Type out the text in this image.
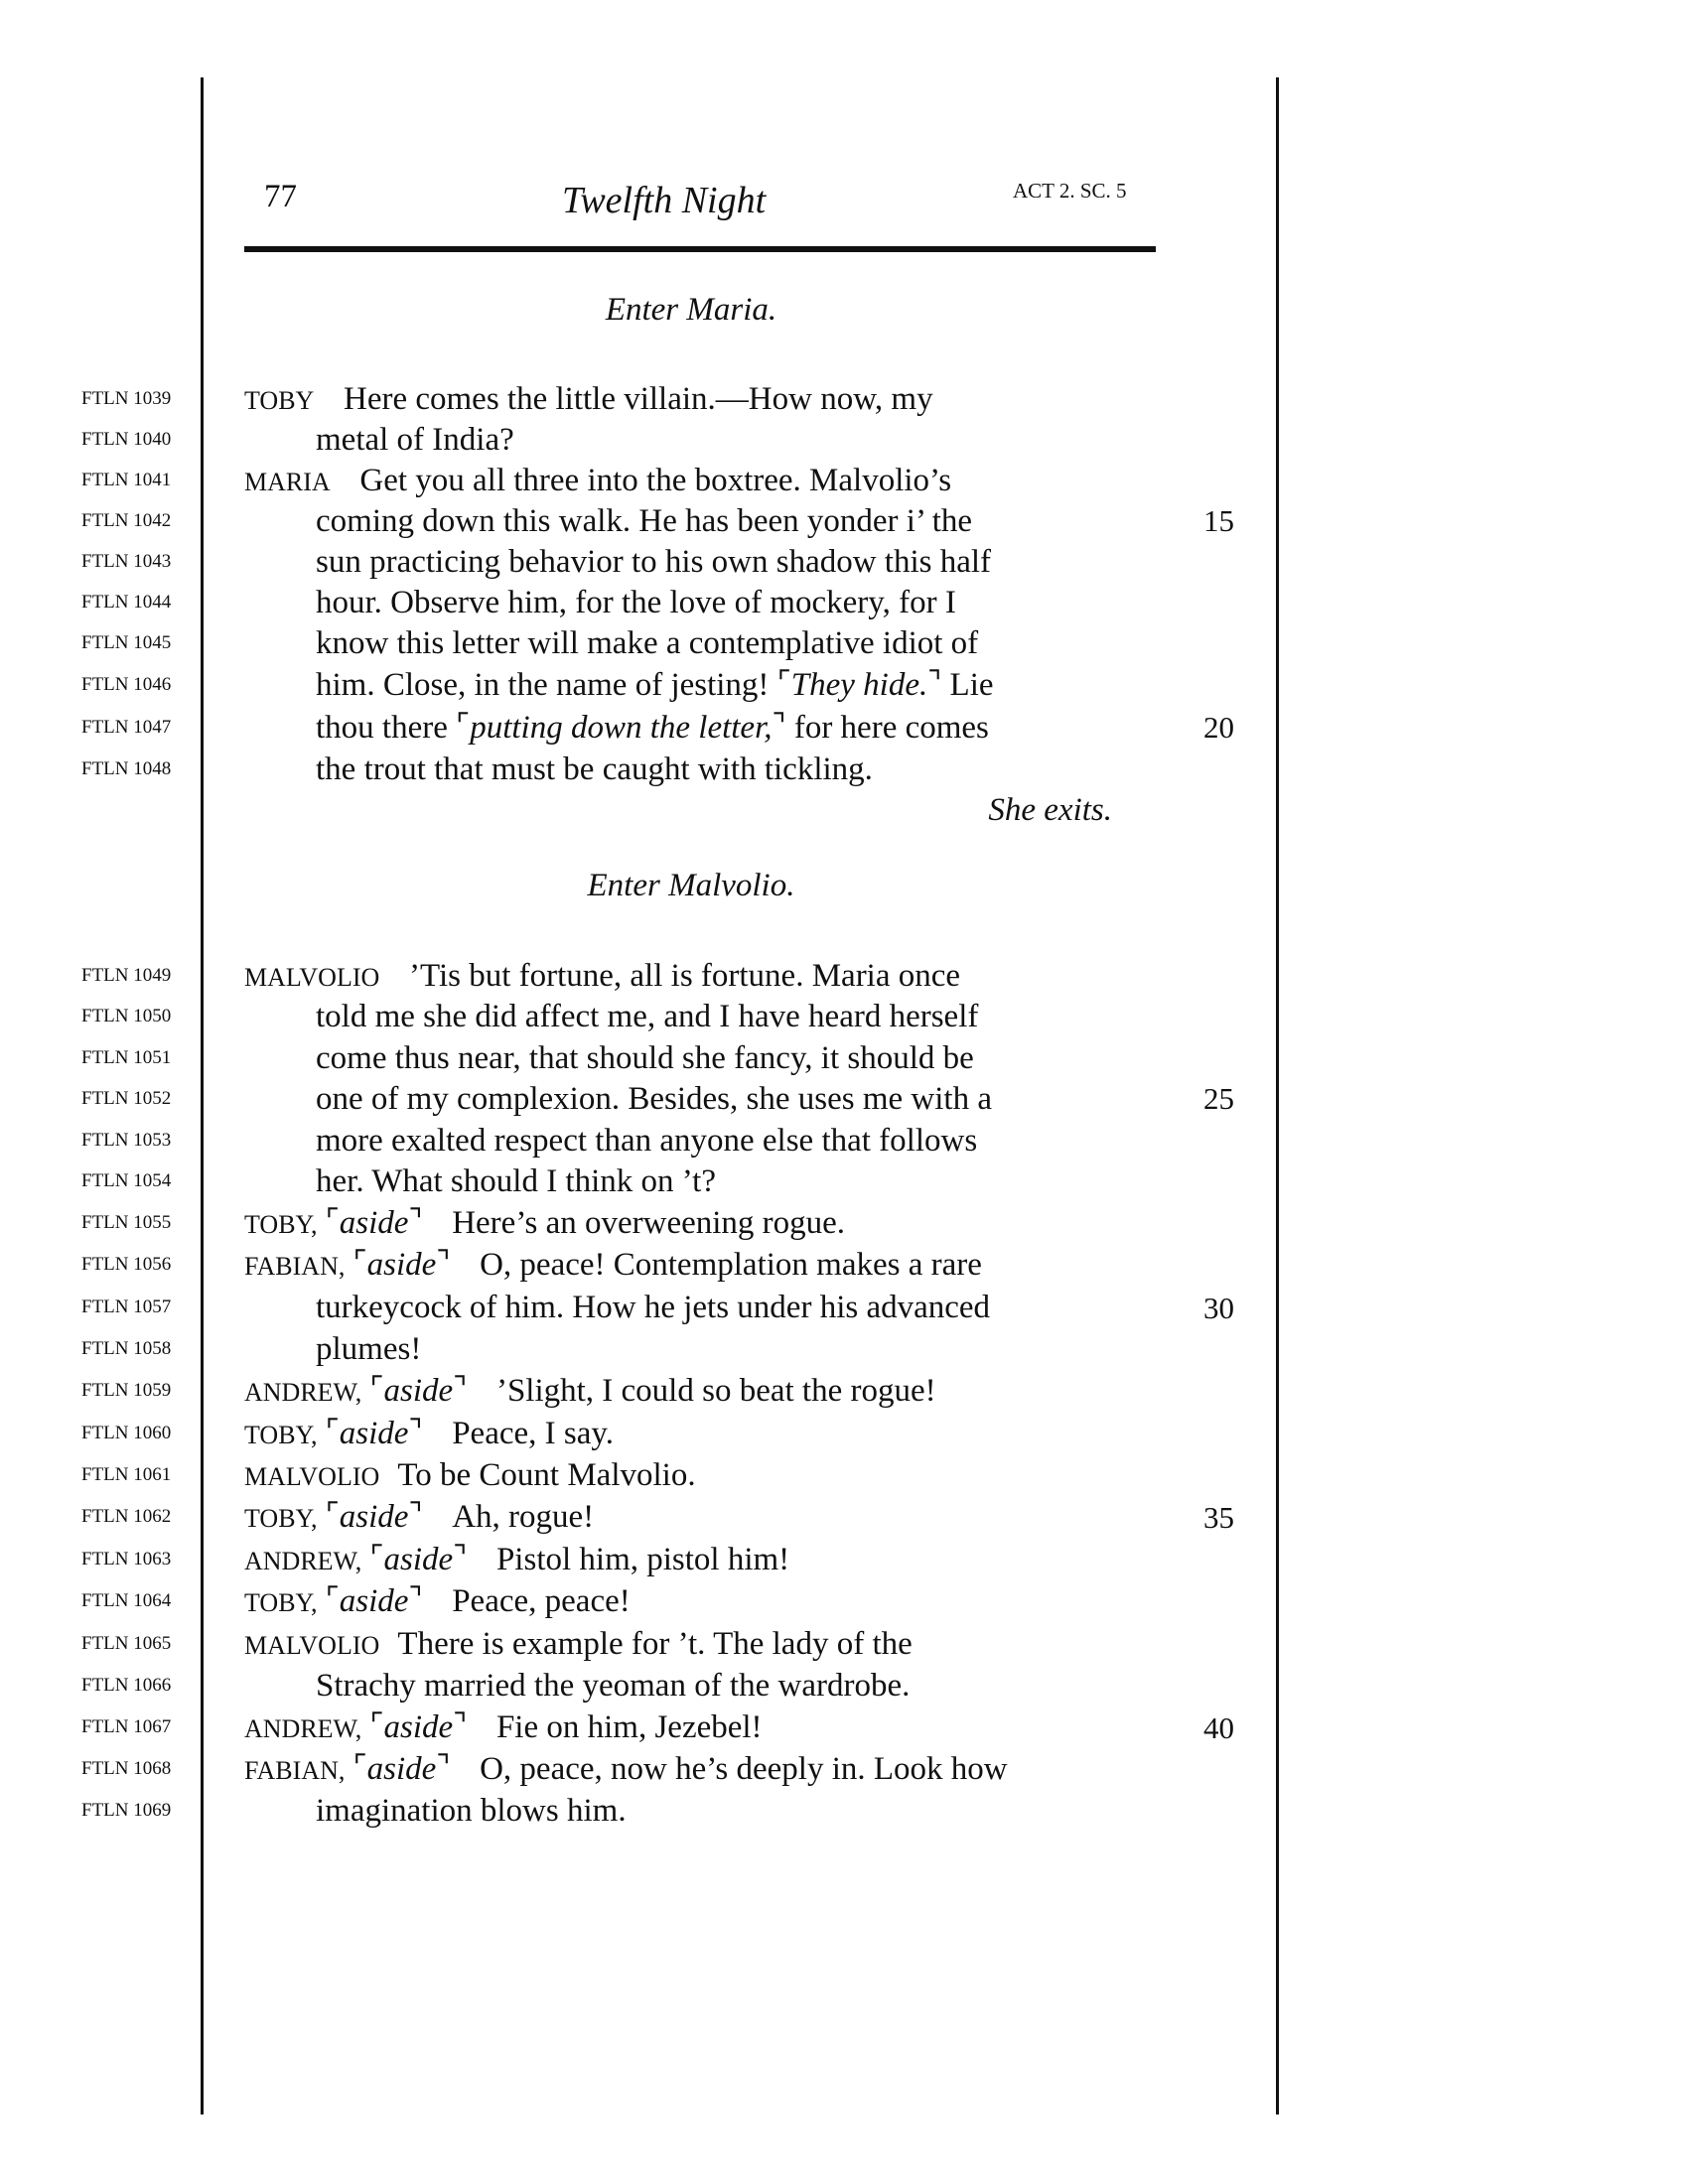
77	Twelfth Night	ACT 2. SC. 5
Enter Maria.
FTLN 1039
FTLN 1040
FTLN 1041
FTLN 1042
FTLN 1043
FTLN 1044
FTLN 1045
FTLN 1046
FTLN 1047
FTLN 1048
FTLN 1049
FTLN 1050
FTLN 1051
FTLN 1052
FTLN 1053
FTLN 1054
FTLN 1055
FTLN 1056
FTLN 1057
FTLN 1058
FTLN 1059
FTLN 1060
FTLN 1061
FTLN 1062
FTLN 1063
FTLN 1064
FTLN 1065
FTLN 1066
FTLN 1067
FTLN 1068
FTLN 1069
15
20
25
30
35
40
TOBY Here comes the little villain.—How now, my
metal of India?
MARIA Get you all three into the boxtree. Malvolio’s
coming down this walk. He has been yonder i’ the
sun practicing behavior to his own shadow this half
hour. Observe him, for the love of mockery, for I
know this letter will make a contemplative idiot of
him. Close, in the name of jesting! ⌜They hide.⌝ Lie
thou there ⌜putting down the letter,⌝ for here comes
the trout that must be caught with tickling.
She exits.
Enter Malvolio.
MALVOLIO ’Tis but fortune, all is fortune. Maria once
told me she did affect me, and I have heard herself
come thus near, that should she fancy, it should be
one of my complexion. Besides, she uses me with a
more exalted respect than anyone else that follows
her. What should I think on ’t?
TOBY, ⌜aside⌝ Here’s an overweening rogue.
FABIAN, ⌜aside⌝ O, peace! Contemplation makes a rare
turkeycock of him. How he jets under his advanced
plumes!
ANDREW, ⌜aside⌝ ’Slight, I could so beat the rogue!
TOBY, ⌜aside⌝ Peace, I say.
MALVOLIO To be Count Malvolio.
TOBY, ⌜aside⌝ Ah, rogue!
ANDREW, ⌜aside⌝ Pistol him, pistol him!
TOBY, ⌜aside⌝ Peace, peace!
MALVOLIO There is example for ’t. The lady of the
Strachy married the yeoman of the wardrobe.
ANDREW, ⌜aside⌝ Fie on him, Jezebel!
FABIAN, ⌜aside⌝ O, peace, now he’s deeply in. Look how
imagination blows him.
